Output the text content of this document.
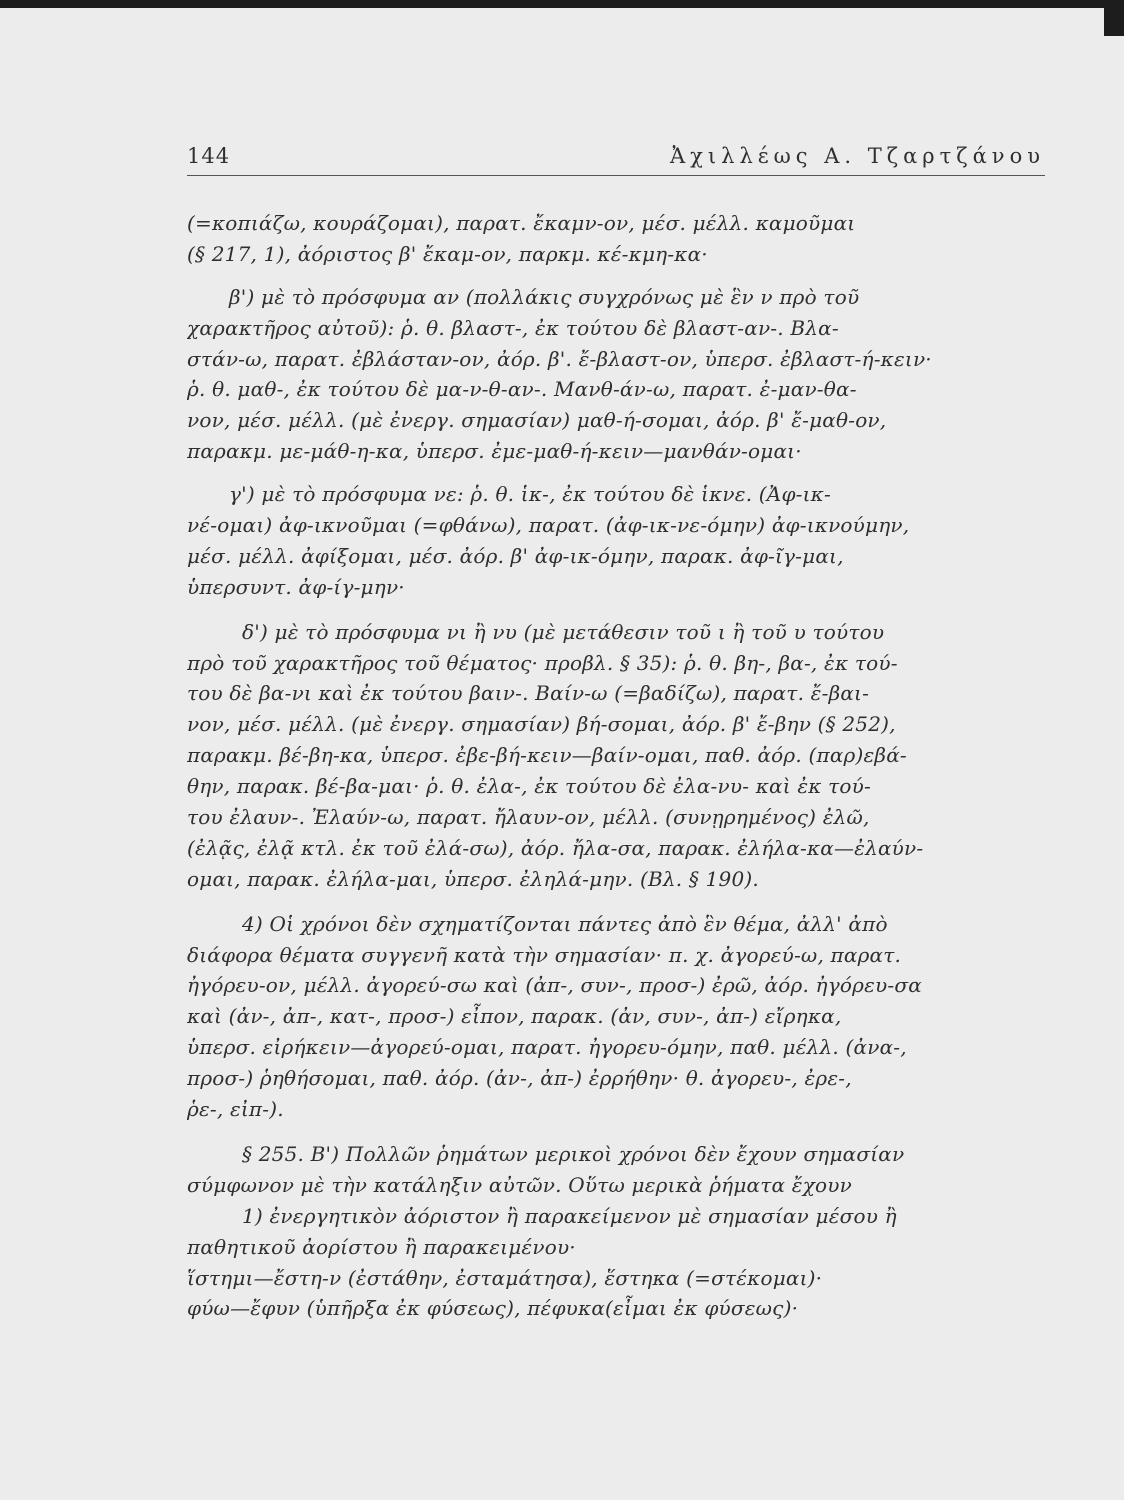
144	Ἀχιλλέως Α. Τζαρτζάνου
(=κοπιάζω, κουράζομαι), παρατ. ἔκαμν-ον, μέσ. μέλλ. καμοῦμαι
(§ 217, 1), ἀόριστος β' ἔκαμ-ον, παρκμ. κέ-κμη-κα·
β') μὲ τὸ πρόσφυμα αν (πολλάκις συγχρόνως μὲ ἓν ν πρὸ τοῦ
χαρακτῆρος αὐτοῦ): ῥ. θ. βλαστ-, ἐκ τούτου δὲ βλαστ-αν-. Βλα-
στάν-ω, παρατ. ἐβλάσταν-ον, ἀόρ. β'. ἔ-βλαστ-ον, ὑπερσ. ἐβλαστ-ή-κειν·
ῥ. θ. μαθ-, ἐκ τούτου δὲ μα-ν-θ-αν-. Μανθ-άν-ω, παρατ. ἐ-μαν-θα-
νον, μέσ. μέλλ. (μὲ ἐνεργ. σημασίαν) μαθ-ή-σομαι, ἀόρ. β' ἔ-μαθ-ον,
παρακμ. με-μάθ-η-κα, ὑπερσ. ἐμε-μαθ-ή-κειν—μανθάν-ομαι·
γ') μὲ τὸ πρόσφυμα νε: ῥ. θ. ἱκ-, ἐκ τούτου δὲ ἱκνε. (Ἀφ-ικ-
νέ-ομαι) ἀφ-ικνοῦμαι (=φθάνω), παρατ. (ἀφ-ικ-νε-όμην) ἀφ-ικνούμην,
μέσ. μέλλ. ἀφίξομαι, μέσ. ἀόρ. β' ἀφ-ικ-όμην, παρακ. ἀφ-ῖγ-μαι,
ὑπερσυντ. ἀφ-ίγ-μην·
δ') μὲ τὸ πρόσφυμα νι ἢ νυ (μὲ μετάθεσιν τοῦ ι ἢ τοῦ υ τούτου
πρὸ τοῦ χαρακτῆρος τοῦ θέματος· προβλ. § 35): ῥ. θ. βη-, βα-, ἐκ τού-
του δὲ βα-νι καὶ ἐκ τούτου βαιν-. Βαίν-ω (=βαδίζω), παρατ. ἔ-βαι-
νον, μέσ. μέλλ. (μὲ ἐνεργ. σημασίαν) βή-σομαι, ἀόρ. β' ἔ-βην (§ 252),
παρακμ. βέ-βη-κα, ὑπερσ. ἐβε-βή-κειν—βαίν-ομαι, παθ. ἀόρ. (παρ)εβά-
θην, παρακ. βέ-βα-μαι· ῥ. θ. ἐλα-, ἐκ τούτου δὲ ἐλα-νυ- καὶ ἐκ τού-
του ἐλαυν-. Ἐλαύν-ω, παρατ. ἤλαυν-ον, μέλλ. (συνῃρημένος) ἐλῶ,
(ἐλᾷς, ἐλᾷ κτλ. ἐκ τοῦ ἐλά-σω), ἀόρ. ἤλα-σα, παρακ. ἐλήλα-κα—ἐλαύν-
ομαι, παρακ. ἐλήλα-μαι, ὑπερσ. ἐληλά-μην. (Βλ. § 190).
4) Οἱ χρόνοι δὲν σχηματίζονται πάντες ἀπὸ ἓν θέμα, ἀλλ' ἀπὸ
διάφορα θέματα συγγενῆ κατὰ τὴν σημασίαν· π. χ. ἀγορεύ-ω, παρατ.
ἠγόρευ-ον, μέλλ. ἀγορεύ-σω καὶ (ἀπ-, συν-, προσ-) ἐρῶ, ἀόρ. ἠγόρευ-σα
καὶ (ἀν-, ἀπ-, κατ-, προσ-) εἶπον, παρακ. (ἀν, συν-, ἀπ-) εἴρηκα,
ὑπερσ. εἰρήκειν—ἀγορεύ-ομαι, παρατ. ἠγορευ-όμην, παθ. μέλλ. (ἀνα-,
προσ-) ῥηθήσομαι, παθ. ἀόρ. (ἀν-, ἀπ-) ἐρρήθην· θ. ἀγορευ-, ἐρε-,
ῥε-, εἰπ-).
§ 255. Β') Πολλῶν ῥημάτων μερικοὶ χρόνοι δὲν ἔχουν σημασίαν
σύμφωνον μὲ τὴν κατάληξιν αὐτῶν. Οὕτω μερικὰ ῥήματα ἔχουν
1) ἐνεργητικὸν ἀόριστον ἢ παρακείμενον μὲ σημασίαν μέσου ἢ
παθητικοῦ ἀορίστου ἢ παρακειμένου·
ἵστημι—ἔστη-ν (ἐστάθην, ἐσταμάτησα), ἕστηκα (=στέκομαι)·
φύω—ἔφυν (ὑπῆρξα ἐκ φύσεως), πέφυκα(εἶμαι ἐκ φύσεως)·
